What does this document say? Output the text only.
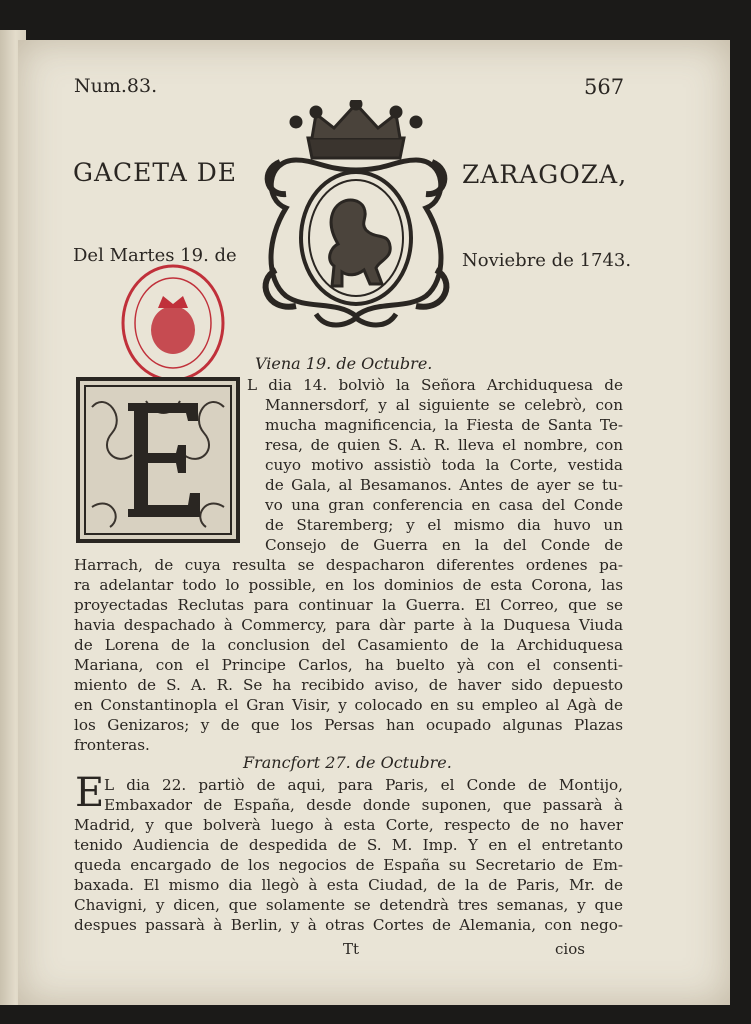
Num.83.	567
GACETA DE	ZARAGOZA,
Del Martes 19. de	Noviebre de 1743.
Viena 19. de Octubre.
L dia 14. bolviò la Señora Archiduquesa de
Mannersdorf, y al siguiente se celebrò, con
mucha magnificencia, la Fiesta de Santa Te-
resa, de quien S. A. R. lleva el nombre, con
cuyo motivo assistiò toda la Corte, vestida
de Gala, al Besamanos. Antes de ayer se tu-
vo una gran conferencia en casa del Conde
de Staremberg; y el mismo dia huvo un
Consejo de Guerra en la del Conde de
Harrach, de cuya resulta se despacharon diferentes ordenes pa-
ra adelantar todo lo possible, en los dominios de esta Corona, las
proyectadas Reclutas para continuar la Guerra. El Correo, que se
havia despachado à Commercy, para dàr parte à la Duquesa Viuda
de Lorena de la conclusion del Casamiento de la Archiduquesa
Mariana, con el Principe Carlos, ha buelto yà con el consenti-
miento de S. A. R. Se ha recibido aviso, de haver sido depuesto
en Constantinopla el Gran Visir, y colocado en su empleo al Agà de
los Genizaros; y de que los Persas han ocupado algunas Plazas
fronteras.
Francfort 27. de Octubre.
E L dia 22. partiò de aqui, para Paris, el Conde de Montijo,
Embaxador de España, desde donde suponen, que passarà à
Madrid, y que bolverà luego à esta Corte, respecto de no haver
tenido Audiencia de despedida de S. M. Imp. Y en el entretanto
queda encargado de los negocios de España su Secretario de Em-
baxada. El mismo dia llegò à esta Ciudad, de la de Paris, Mr. de
Chavigni, y dicen, que solamente se detendrà tres semanas, y que
despues passarà à Berlin, y à otras Cortes de Alemania, con nego-
Tt	cios
